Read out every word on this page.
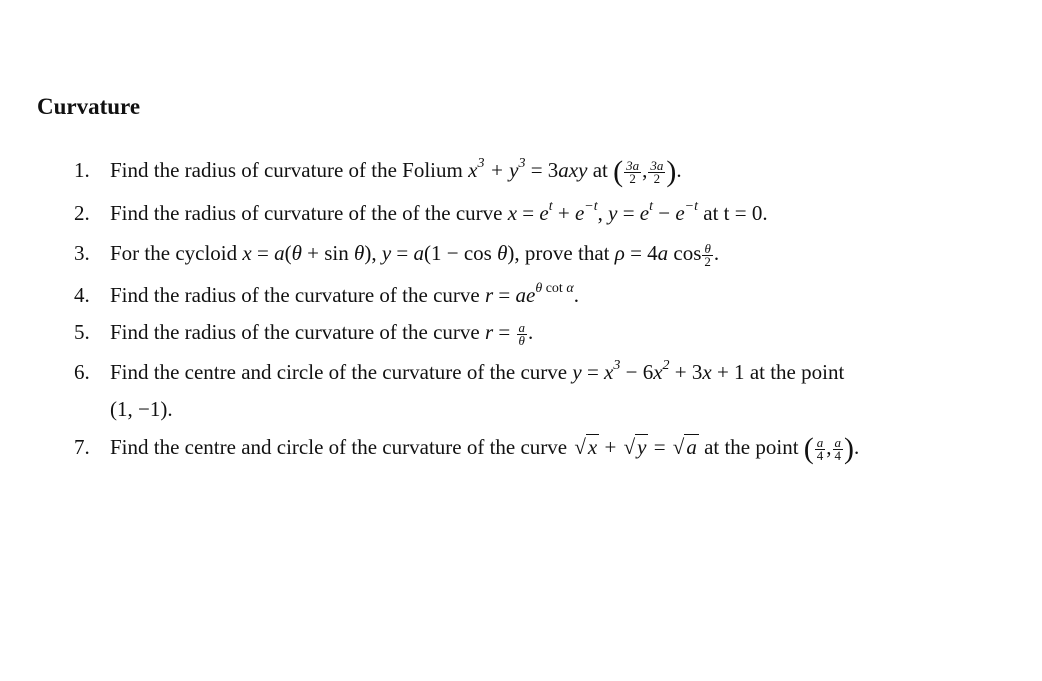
Curvature
1. Find the radius of curvature of the Folium $x^3 + y^3 = 3axy$ at ( $\frac{3a}{2}$ , $\frac{3a}{2}$ ).
2. Find the radius of curvature of the of the curve $x = e^t + e^{-t}$, $y = e^t - e^{-t}$ at t = 0.
3. For the cycloid x = a(θ + sin θ), y = a(1 − cos θ), prove that ρ = 4a $\cos \frac{\theta}{2}$ .
4. Find the radius of the curvature of the curve $r = ae^{\theta cot \alpha}$.
5. Find the radius of the curvature of the curve $r = \frac{a}{\theta}$ .
6. Find the centre and circle of the curvature of the curve $y = x^3 - 6x^2 + 3x + 1$ at the point
(1, −1).
7. Find the centre and circle of the curvature of the curve √x + √y = √a at the point ( $\frac{a}{4}$ , $\frac{a}{4}$ ).
